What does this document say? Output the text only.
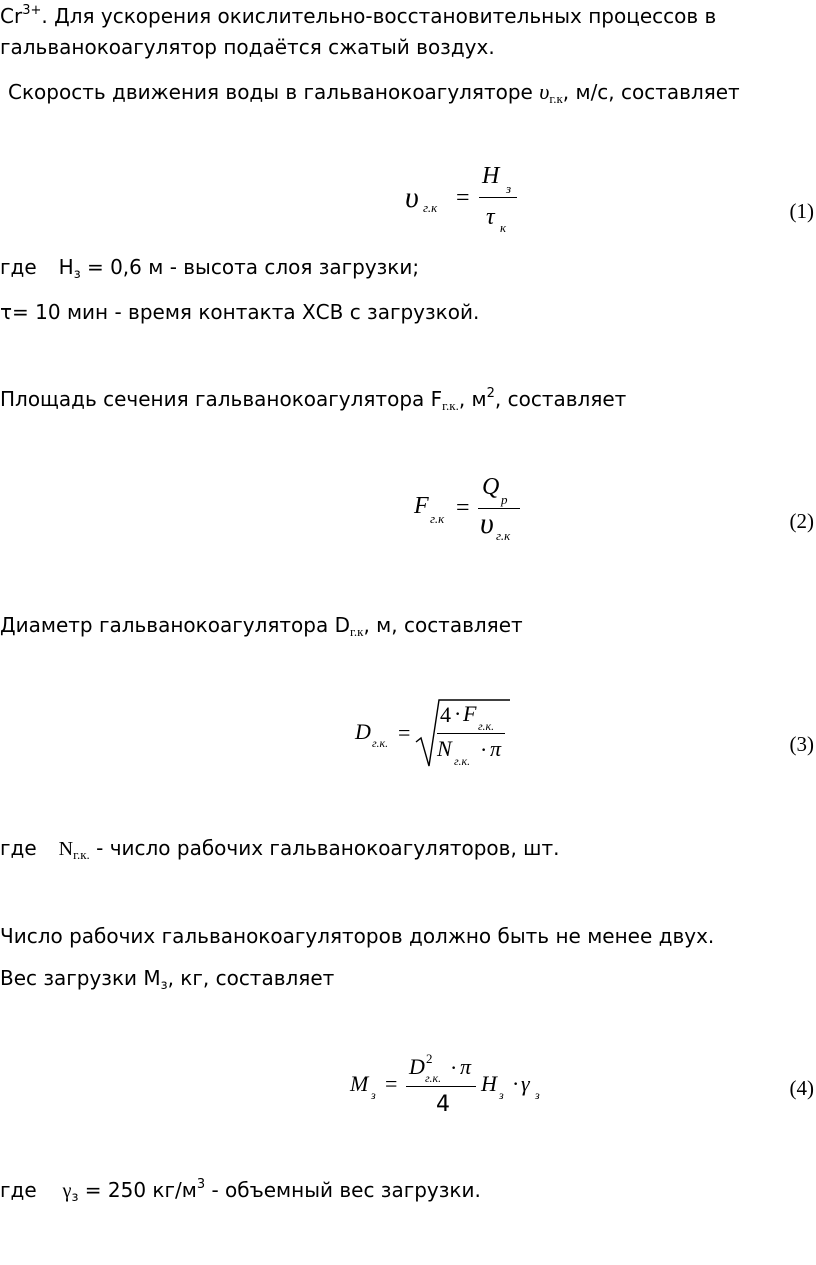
$Cr^{3+}$. Для ускорения окислительно-восстановительных процессов в
гальванокоагулятор подаётся сжатый воздух.
Скорость движения воды в гальванокоагуляторе $\upsilon_{г.к}$, м/с, составляет
υ г.к =
H з
τ к
(1)
где $Н_з = 0,6$ м - высота слоя загрузки;
τ= 10 мин - время контакта ХСВ с загрузкой.
Площадь сечения гальванокоагулятора $F_{г.к.}$, $м^2$, составляет
F г.к =
Q р
υ г.к
(2)
Диаметр гальванокоагулятора $D_{г.к}$, м, составляет
D г.к. =
4 · F г.к.
N г.к. · π	(3)
где $N_{г.к.}$ - число рабочих гальванокоагуляторов, шт.
Число рабочих гальванокоагуляторов должно быть не менее двух.
Вес загрузки $М_з$, кг, составляет
M з =
D 2
г.к. · π
4
H з · γ з	(4)
где $\gamma_з = 250$ $кг/м^3$ - объемный вес загрузки.
